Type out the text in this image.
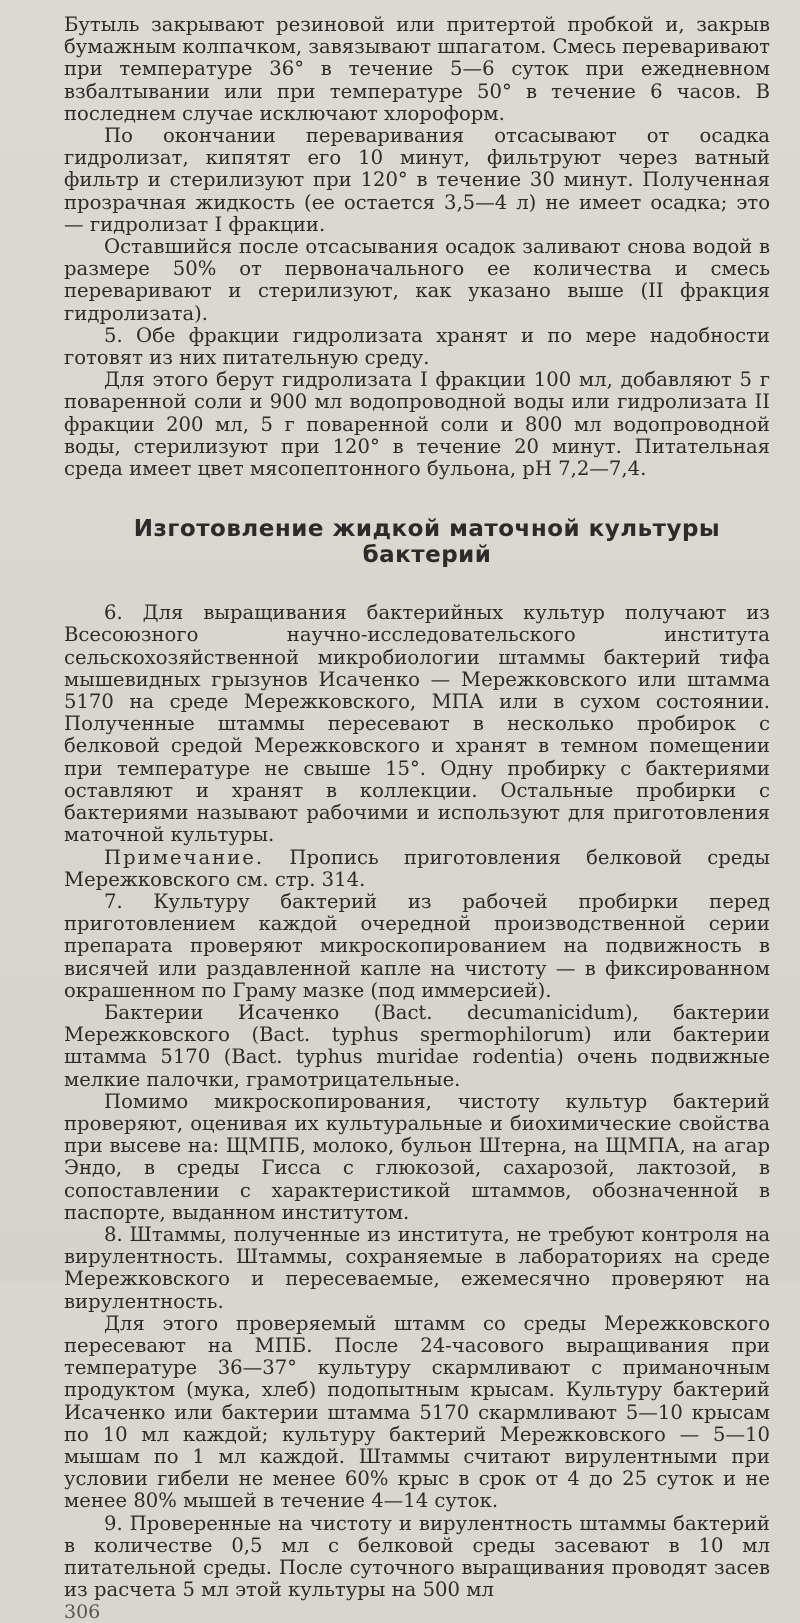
Бутыль закрывают резиновой или притертой пробкой и, закрыв бумажным колпачком, завязывают шпагатом. Смесь переваривают при температуре 36° в течение 5—6 суток при ежедневном взбалтывании или при температуре 50° в течение 6 часов. В последнем случае исключают хлороформ.

По окончании переваривания отсасывают от осадка гидролизат, кипятят его 10 минут, фильтруют через ватный фильтр и стерилизуют при 120° в течение 30 минут. Полученная прозрачная жидкость (ее остается 3,5—4 л) не имеет осадка; это — гидролизат I фракции.

Оставшийся после отсасывания осадок заливают снова водой в размере 50% от первоначального ее количества и смесь переваривают и стерилизуют, как указано выше (II фракция гидролизата).

5. Обе фракции гидролизата хранят и по мере надобности готовят из них питательную среду.

Для этого берут гидролизата I фракции 100 мл, добавляют 5 г поваренной соли и 900 мл водопроводной воды или гидролизата II фракции 200 мл, 5 г поваренной соли и 800 мл водопроводной воды, стерилизуют при 120° в течение 20 минут. Питательная среда имеет цвет мясопептонного бульона, pH 7,2—7,4.

Изготовление жидкой маточной культуры бактерий

6. Для выращивания бактерийных культур получают из Всесоюзного научно-исследовательского института сельскохозяйственной микробиологии штаммы бактерий тифа мышевидных грызунов Исаченко — Мережковского или штамма 5170 на среде Мережковского, МПА или в сухом состоянии. Полученные штаммы пересевают в несколько пробирок с белковой средой Мережковского и хранят в темном помещении при температуре не свыше 15°. Одну пробирку с бактериями оставляют и хранят в коллекции. Остальные пробирки с бактериями называют рабочими и используют для приготовления маточной культуры.

Примечание. Пропись приготовления белковой среды Мережковского см. стр. 314.

7. Культуру бактерий из рабочей пробирки перед приготовлением каждой очередной производственной серии препарата проверяют микроскопированием на подвижность в висячей или раздавленной капле на чистоту — в фиксированном окрашенном по Граму мазке (под иммерсией).

Бактерии Исаченко (Bact. decumanicidum), бактерии Мережковского (Bact. typhus spermophilorum) или бактерии штамма 5170 (Bact. typhus muridae rodentia) очень подвижные мелкие палочки, грамотрицательные.

Помимо микроскопирования, чистоту культур бактерий проверяют, оценивая их культуральные и биохимические свойства при высеве на: ЩМПБ, молоко, бульон Штерна, на ЩМПА, на агар Эндо, в среды Гисса с глюкозой, сахарозой, лактозой, в сопоставлении с характеристикой штаммов, обозначенной в паспорте, выданном институтом.

8. Штаммы, полученные из института, не требуют контроля на вирулентность. Штаммы, сохраняемые в лабораториях на среде Мережковского и пересеваемые, ежемесячно проверяют на вирулентность.

Для этого проверяемый штамм со среды Мережковского пересевают на МПБ. После 24-часового выращивания при температуре 36—37° культуру скармливают с приманочным продуктом (мука, хлеб) подопытным крысам. Культуру бактерий Исаченко или бактерии штамма 5170 скармливают 5—10 крысам по 10 мл каждой; культуру бактерий Мережковского — 5—10 мышам по 1 мл каждой. Штаммы считают вирулентными при условии гибели не менее 60% крыс в срок от 4 до 25 суток и не менее 80% мышей в течение 4—14 суток.

9. Проверенные на чистоту и вирулентность штаммы бактерий в количестве 0,5 мл с белковой среды засевают в 10 мл питательной среды. После суточного выращивания проводят засев из расчета 5 мл этой культуры на 500 мл

306
